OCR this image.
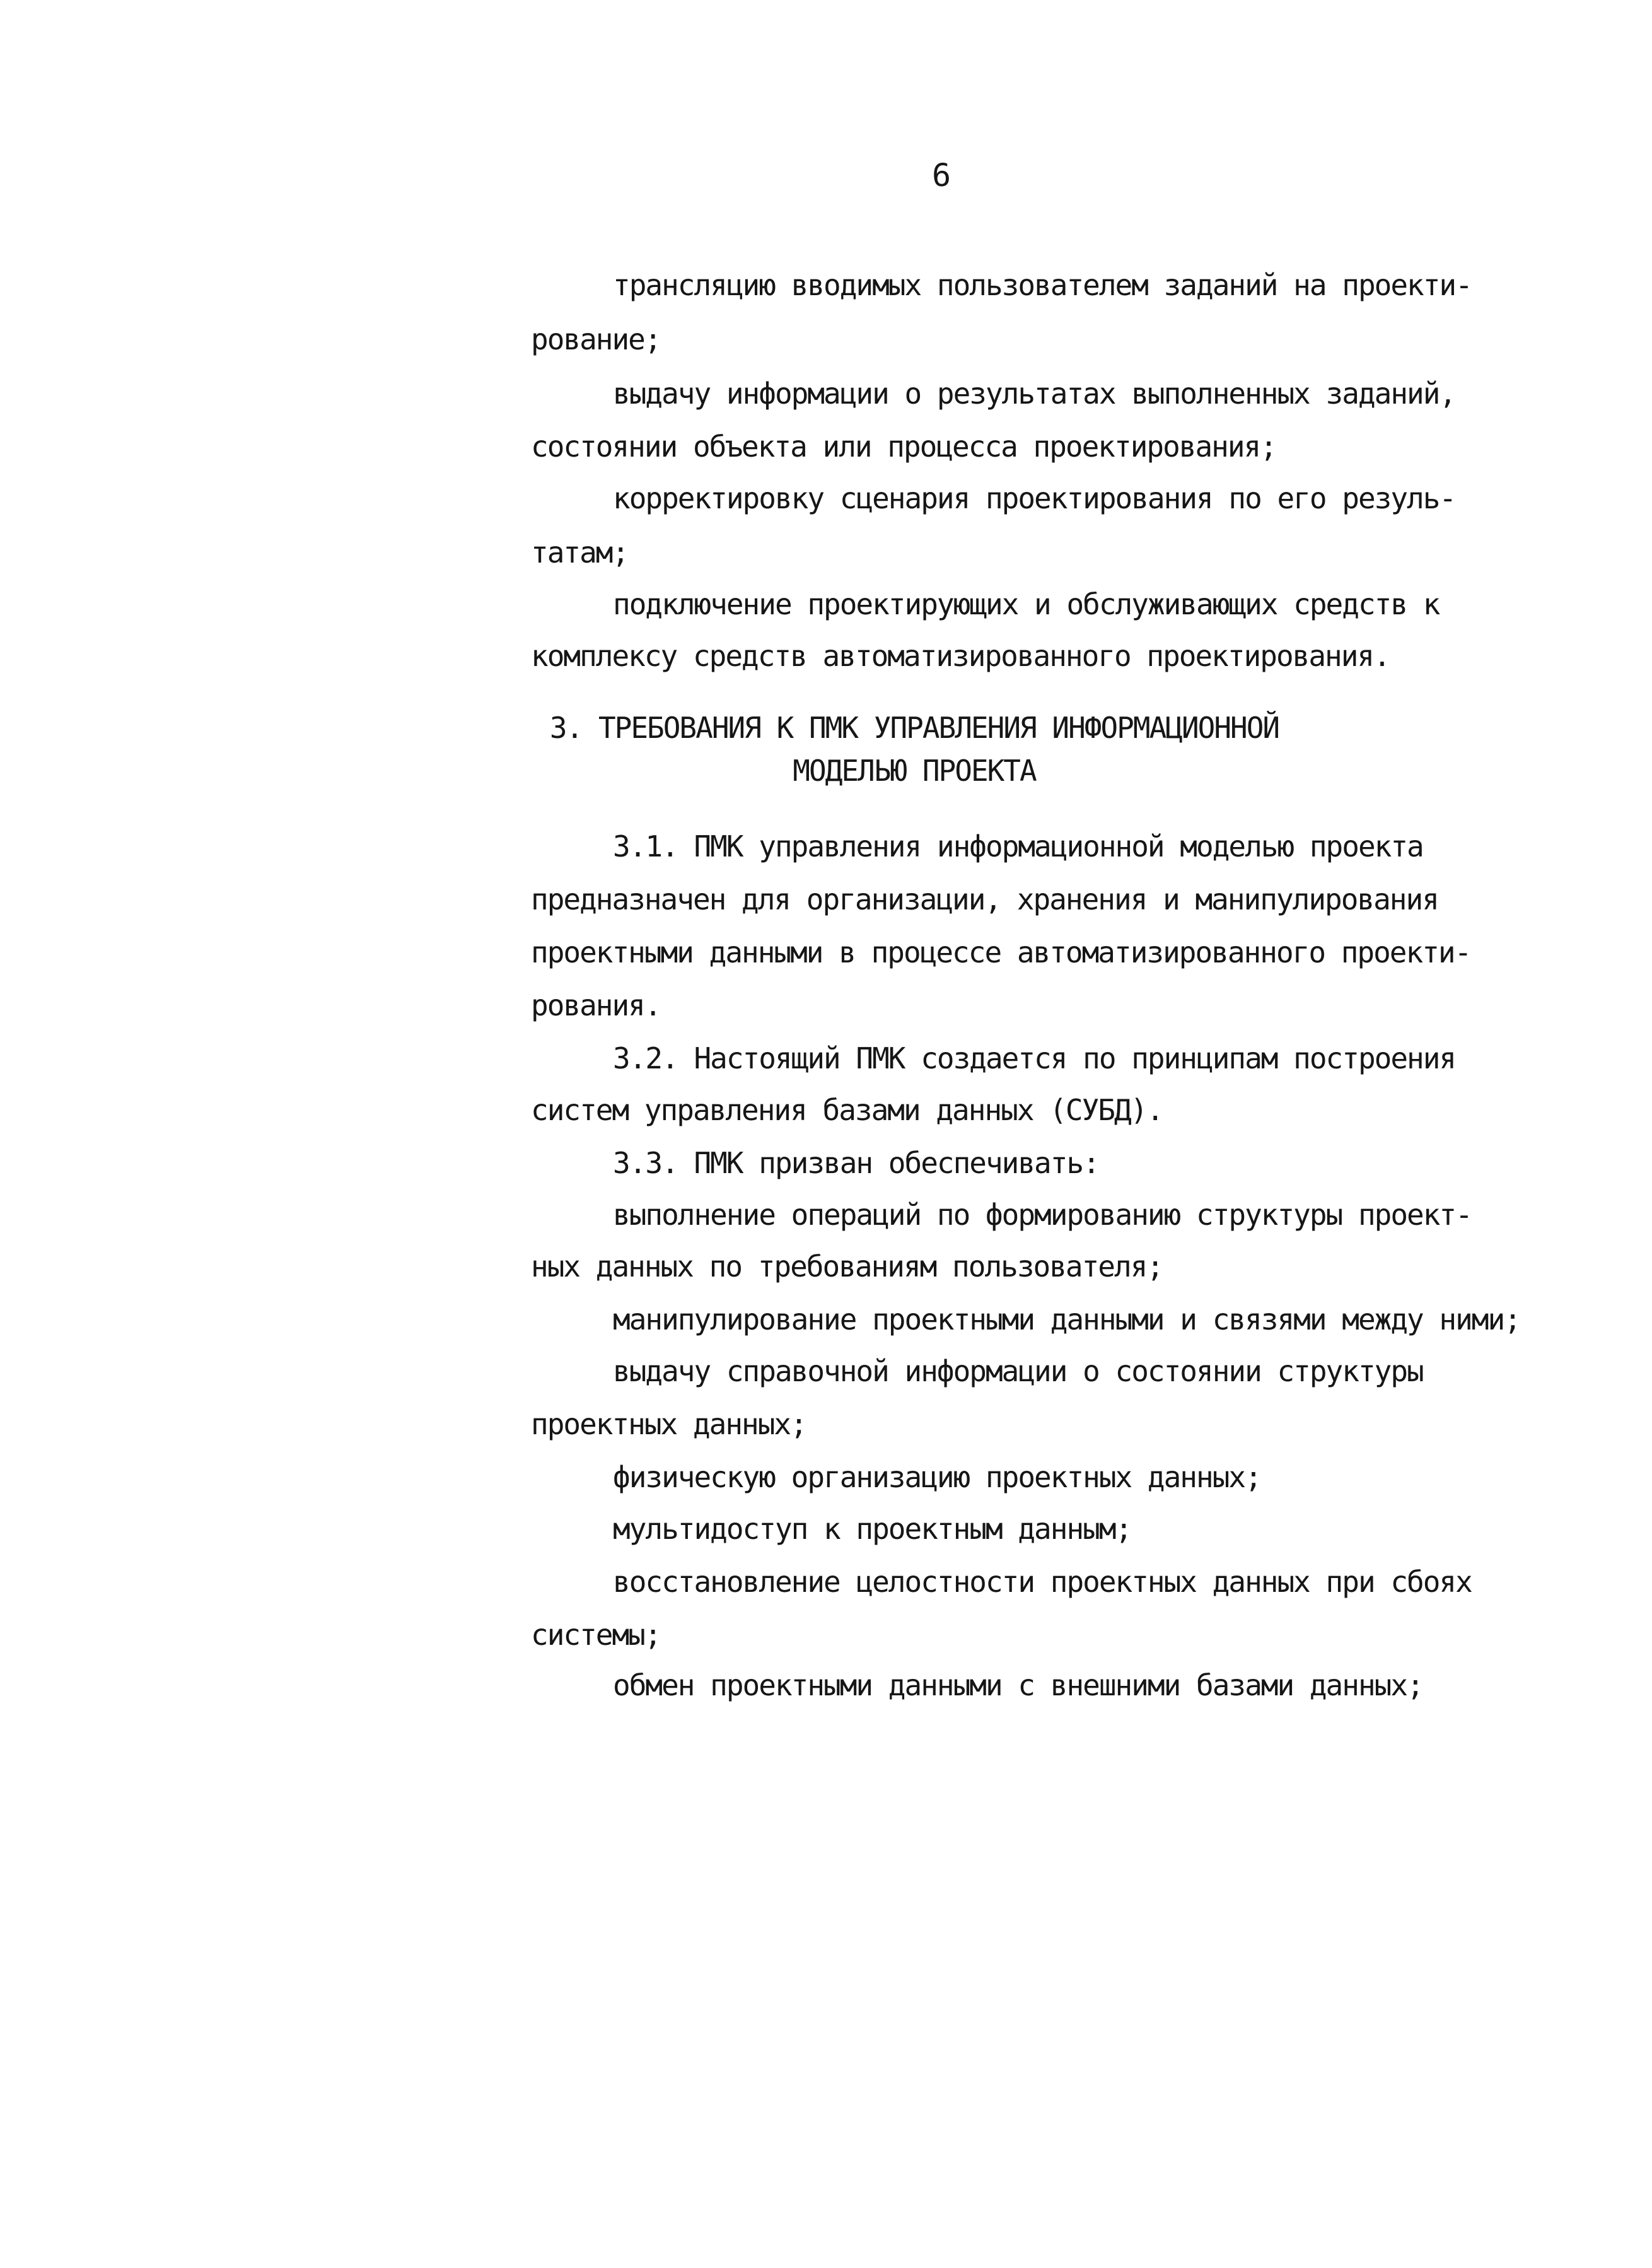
6
трансляцию вводимых пользователем заданий на проекти-
рование;
выдачу информации о результатах выполненных заданий,
состоянии объекта или процесса проектирования;
корректировку сценария проектирования по его резуль-
татам;
подключение проектирующих и обслуживающих средств к
комплексу средств автоматизированного проектирования.
3. ТРЕБОВАНИЯ К ПМК УПРАВЛЕНИЯ ИНФОРМАЦИОННОЙ
МОДЕЛЬЮ ПРОЕКТА
3.1. ПМК управления информационной моделью проекта
предназначен для организации, хранения и манипулирования
проектными данными в процессе автоматизированного проекти-
рования.
3.2. Настоящий ПМК создается по принципам построения
систем управления базами данных (СУБД).
3.3. ПМК призван обеспечивать:
выполнение операций по формированию структуры проект-
ных данных по требованиям пользователя;
манипулирование проектными данными и связями между ними;
выдачу справочной информации о состоянии структуры
проектных данных;
физическую организацию проектных данных;
мультидоступ к проектным данным;
восстановление целостности проектных данных при сбоях
системы;
обмен проектными данными с внешними базами данных;
